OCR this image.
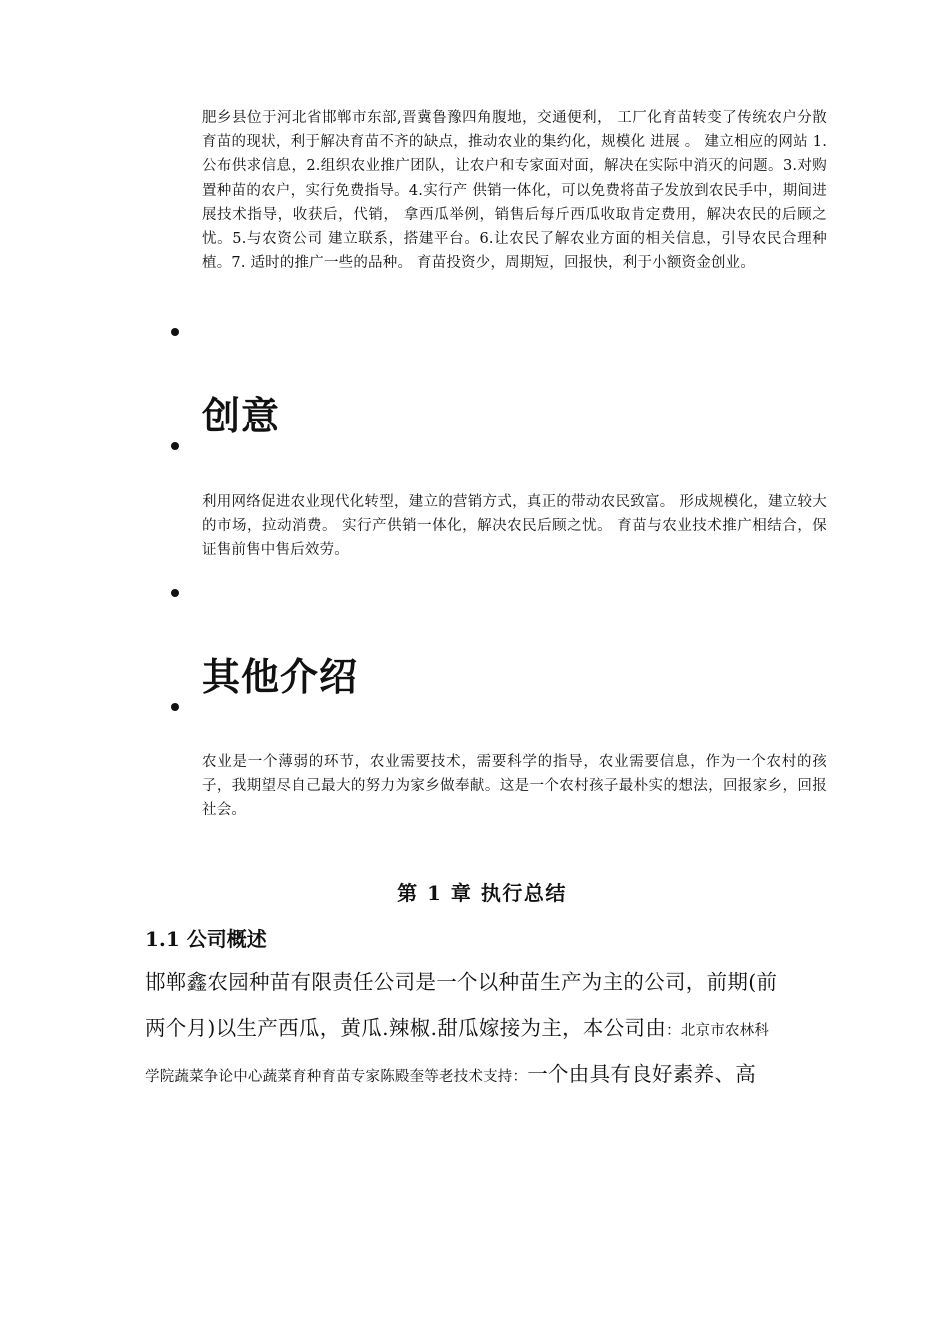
肥乡县位于河北省邯郸市东部,晋冀鲁豫四角腹地，交通便利， 工厂化育苗转变了传统农户分散育苗的现状，利于解决育苗不齐的缺点，推动农业的集约化，规模化 进展 。 建立相应的网站 1.公布供求信息，2.组织农业推广团队，让农户和专家面对面，解决在实际中消灭的问题。3.对购置种苗的农户，实行免费指导。4.实行产 供销一体化，可以免费将苗子发放到农民手中，期间进展技术指导，收获后，代销， 拿西瓜举例，销售后每斤西瓜收取肯定费用，解决农民的后顾之忧。5.与农资公司 建立联系，搭建平台。6.让农民了解农业方面的相关信息，引导农民合理种植。7. 适时的推广一些的品种。 育苗投资少，周期短，回报快，利于小额资金创业。

创意

利用网络促进农业现代化转型，建立的营销方式，真正的带动农民致富。 形成规模化，建立较大的市场，拉动消费。 实行产供销一体化，解决农民后顾之忧。 育苗与农业技术推广相结合，保证售前售中售后效劳。

其他介绍

农业是一个薄弱的环节，农业需要技术，需要科学的指导，农业需要信息，作为一个农村的孩子，我期望尽自己最大的努力为家乡做奉献。这是一个农村孩子最朴实的想法，回报家乡，回报社会。

第 1 章 执行总结
1.1 公司概述
邯郸鑫农园种苗有限责任公司是一个以种苗生产为主的公司，前期(前
两个月)以生产西瓜，黄瓜.辣椒.甜瓜嫁接为主，本公司由：北京市农林科
学院蔬菜争论中心蔬菜育种育苗专家陈殿奎等老技术支持：一个由具有良好素养、高
